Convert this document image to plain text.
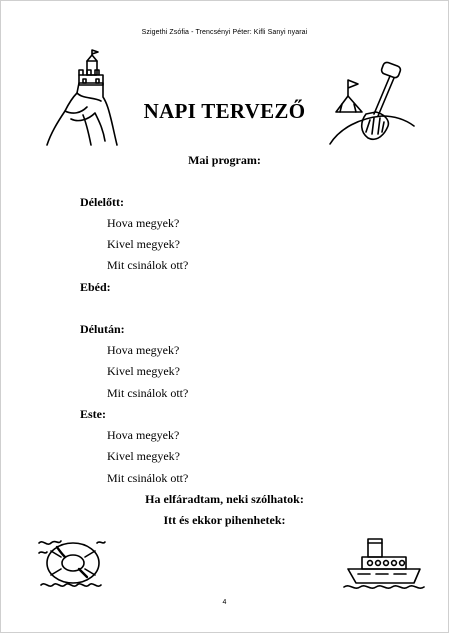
Szigethi Zsófia - Trencsényi Péter: Kifli Sanyi nyarai
NAPI TERVEZŐ
Mai program:
Délelőtt:
Hova megyek?
Kivel megyek?
Mit csinálok ott?
Ebéd:
Délután:
Hova megyek?
Kivel megyek?
Mit csinálok ott?
Este:
Hova megyek?
Kivel megyek?
Mit csinálok ott?
Ha elfáradtam, neki szólhatok:
Itt és ekkor pihenhetek:
4
